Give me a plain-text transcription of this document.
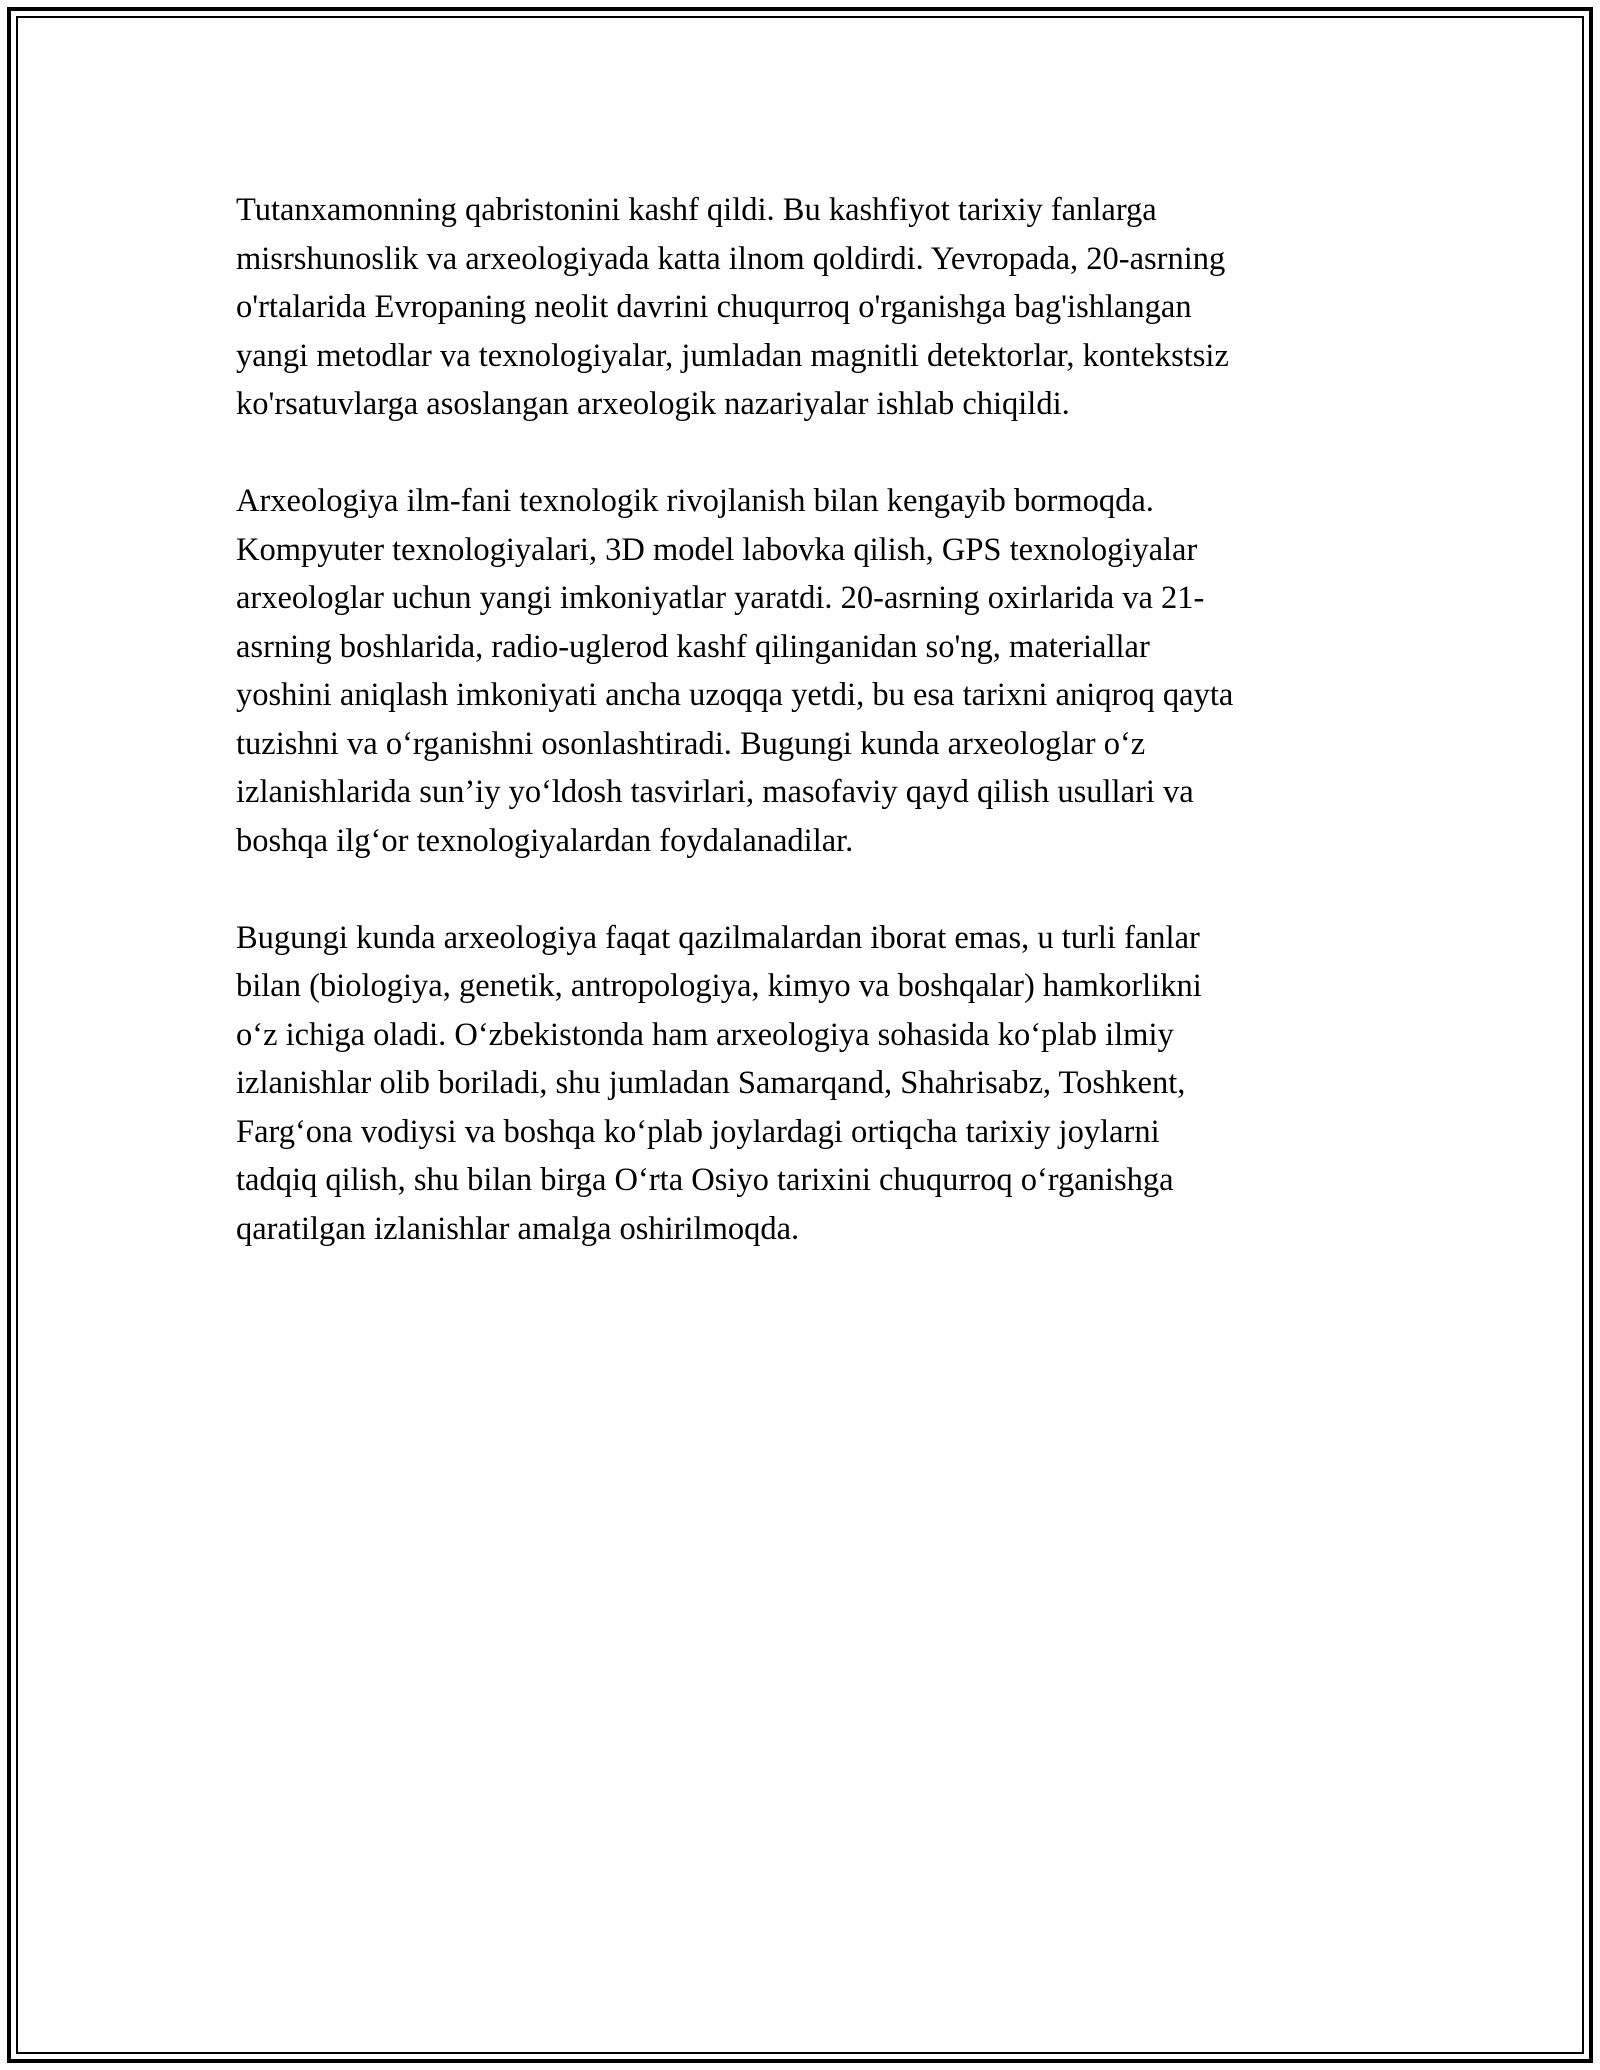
Tutanxamonning qabristonini kashf qildi. Bu kashfiyot tarixiy fanlarga
misrshunoslik va arxeologiyada katta ilnom qoldirdi. Yevropada, 20-asrning
o'rtalarida Evropaning neolit davrini chuqurroq o'rganishga bag'ishlangan
yangi metodlar va texnologiyalar, jumladan magnitli detektorlar, kontekstsiz
ko'rsatuvlarga asoslangan arxeologik nazariyalar ishlab chiqildi.

Arxeologiya ilm-fani texnologik rivojlanish bilan kengayib bormoqda.
Kompyuter texnologiyalari, 3D model labovka qilish, GPS texnologiyalar
arxeologlar uchun yangi imkoniyatlar yaratdi. 20-asrning oxirlarida va 21-
asrning boshlarida, radio-uglerod kashf qilinganidan so'ng, materiallar
yoshini aniqlash imkoniyati ancha uzoqqa yetdi, bu esa tarixni aniqroq qayta
tuzishni va o‘rganishni osonlashtiradi. Bugungi kunda arxeologlar o‘z
izlanishlarida sun’iy yo‘ldosh tasvirlari, masofaviy qayd qilish usullari va
boshqa ilg‘or texnologiyalardan foydalanadilar.

Bugungi kunda arxeologiya faqat qazilmalardan iborat emas, u turli fanlar
bilan (biologiya, genetik, antropologiya, kimyo va boshqalar) hamkorlikni
o‘z ichiga oladi. O‘zbekistonda ham arxeologiya sohasida ko‘plab ilmiy
izlanishlar olib boriladi, shu jumladan Samarqand, Shahrisabz, Toshkent,
Farg‘ona vodiysi va boshqa ko‘plab joylardagi ortiqcha tarixiy joylarni
tadqiq qilish, shu bilan birga O‘rta Osiyo tarixini chuqurroq o‘rganishga
qaratilgan izlanishlar amalga oshirilmoqda.
